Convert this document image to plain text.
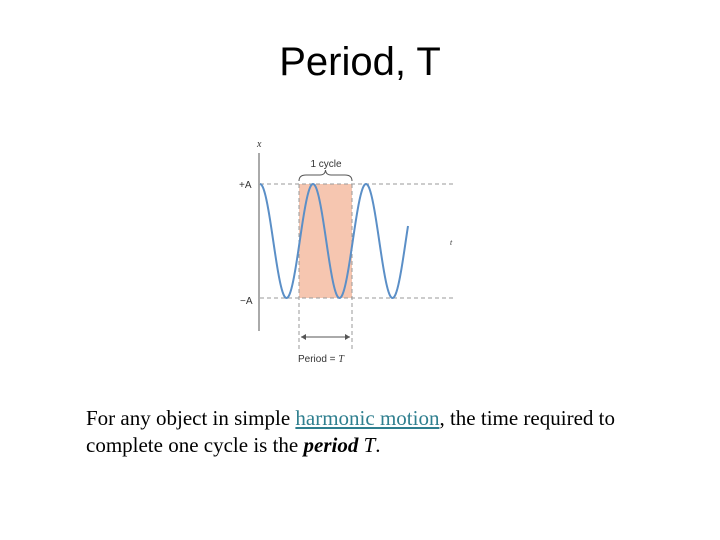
Period, T
x
t
+A
−A
1 cycle
Period = T

For any object in simple harmonic motion, the time required to complete one cycle is the period T.
